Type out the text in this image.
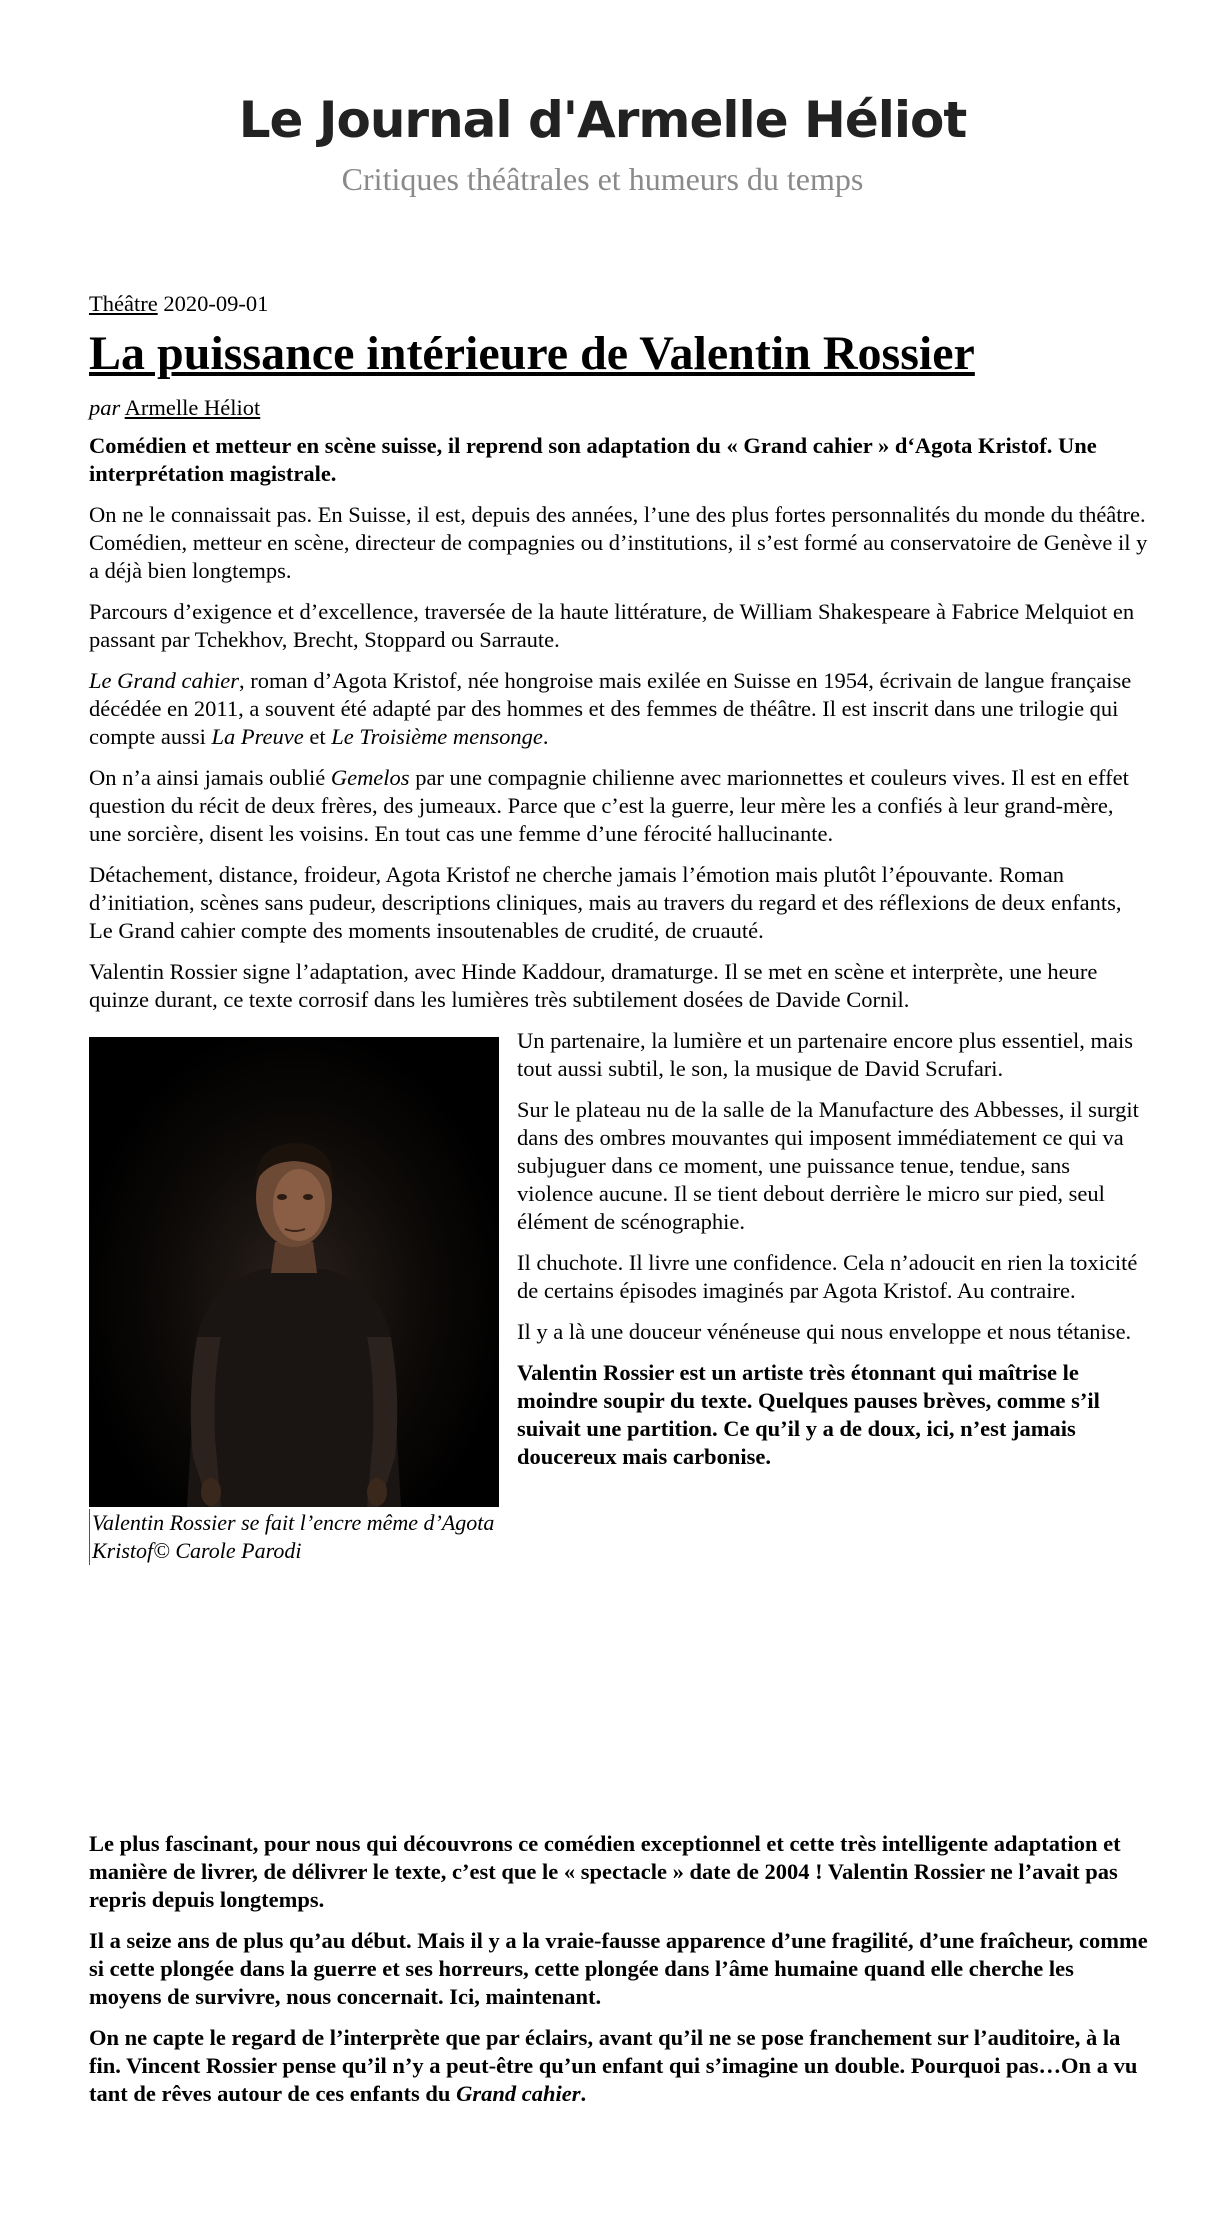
Le Journal d'Armelle Héliot
Critiques théâtrales et humeurs du temps

Théâtre 2020-09-01

La puissance intérieure de Valentin Rossier

par Armelle Héliot

Comédien et metteur en scène suisse, il reprend son adaptation du « Grand cahier » d‘Agota Kristof. Une interprétation magistrale.

On ne le connaissait pas. En Suisse, il est, depuis des années, l’une des plus fortes personnalités du monde du théâtre. Comédien, metteur en scène, directeur de compagnies ou d’institutions, il s’est formé au conservatoire de Genève il y a déjà bien longtemps.

Parcours d’exigence et d’excellence, traversée de la haute littérature, de William Shakespeare à Fabrice Melquiot en passant par Tchekhov, Brecht, Stoppard ou Sarraute.

Le Grand cahier, roman d’Agota Kristof, née hongroise mais exilée en Suisse en 1954, écrivain de langue française décédée en 2011, a souvent été adapté par des hommes et des femmes de théâtre. Il est inscrit dans une trilogie qui compte aussi La Preuve et Le Troisième mensonge.

On n’a ainsi jamais oublié Gemelos par une compagnie chilienne avec marionnettes et couleurs vives. Il est en effet question du récit de deux frères, des jumeaux. Parce que c’est la guerre, leur mère les a confiés à leur grand-mère, une sorcière, disent les voisins. En tout cas une femme d’une férocité hallucinante.

Détachement, distance, froideur, Agota Kristof ne cherche jamais l’émotion mais plutôt l’épouvante. Roman d’initiation, scènes sans pudeur, descriptions cliniques, mais au travers du regard et des réflexions de deux enfants, Le Grand cahier compte des moments insoutenables de crudité, de cruauté.

Valentin Rossier signe l’adaptation, avec Hinde Kaddour, dramaturge. Il se met en scène et interprète, une heure quinze durant, ce texte corrosif dans les lumières très subtilement dosées de Davide Cornil.

Valentin Rossier se fait l’encre même d’Agota Kristof© Carole Parodi

Un partenaire, la lumière et un partenaire encore plus essentiel, mais tout aussi subtil, le son, la musique de David Scrufari.

Sur le plateau nu de la salle de la Manufacture des Abbesses, il surgit dans des ombres mouvantes qui imposent immédiatement ce qui va subjuguer dans ce moment, une puissance tenue, tendue, sans violence aucune. Il se tient debout derrière le micro sur pied, seul élément de scénographie.

Il chuchote. Il livre une confidence. Cela n’adoucit en rien la toxicité de certains épisodes imaginés par Agota Kristof. Au contraire.

Il y a là une douceur vénéneuse qui nous enveloppe et nous tétanise.

Valentin Rossier est un artiste très étonnant qui maîtrise le moindre soupir du texte. Quelques pauses brèves, comme s’il suivait une partition. Ce qu’il y a de doux, ici, n’est jamais doucereux mais carbonise.

Le plus fascinant, pour nous qui découvrons ce comédien exceptionnel et cette très intelligente adaptation et manière de livrer, de délivrer le texte, c’est que le « spectacle » date de 2004 ! Valentin Rossier ne l’avait pas repris depuis longtemps.

Il a seize ans de plus qu’au début. Mais il y a la vraie-fausse apparence d’une fragilité, d’une fraîcheur, comme si cette plongée dans la guerre et ses horreurs, cette plongée dans l’âme humaine quand elle cherche les moyens de survivre, nous concernait. Ici, maintenant.

On ne capte le regard de l’interprète que par éclairs, avant qu’il ne se pose franchement sur l’auditoire, à la fin. Vincent Rossier pense qu’il n’y a peut-être qu’un enfant qui s’imagine un double. Pourquoi pas…On a vu tant de rêves autour de ces enfants du Grand cahier.
